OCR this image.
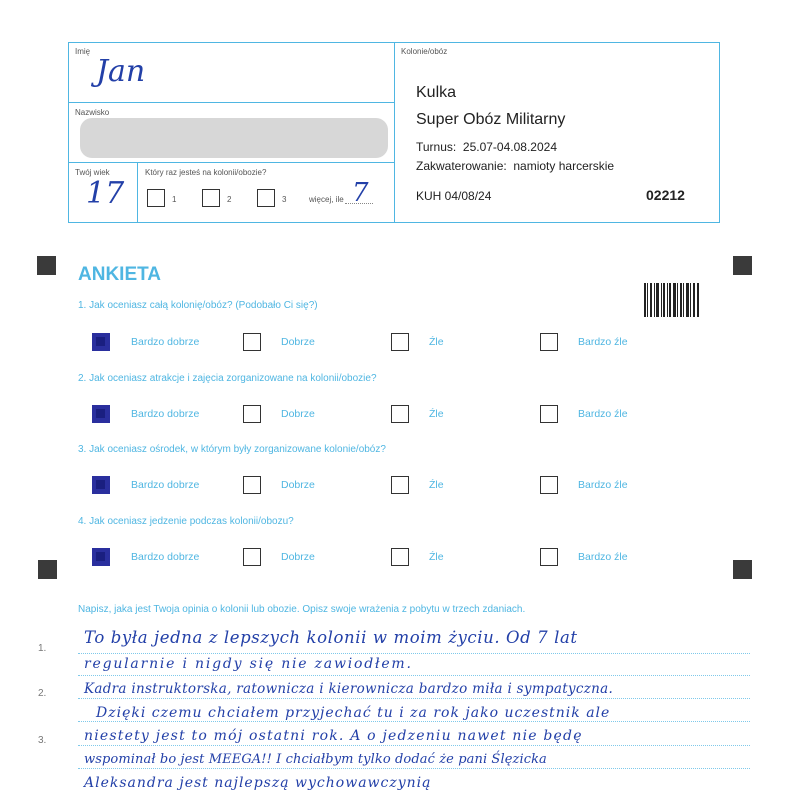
Imię
Jan
Nazwisko
Twój wiek
17
Który raz jesteś na kolonii/obozie?
1	2	3	więcej, ile 7
Kolonie/obóz
Kulka
Super Obóz Militarny
Turnus:  25.07-04.08.2024
Zakwaterowanie:  namioty harcerskie
KUH 04/08/24	02212
ANKIETA
1. Jak oceniasz całą kolonię/obóz? (Podobało Ci się?)
Bardzo dobrze	Dobrze	Źle	Bardzo źle
2. Jak oceniasz atrakcje i zajęcia zorganizowane na kolonii/obozie?
Bardzo dobrze	Dobrze	Źle	Bardzo źle
3. Jak oceniasz ośrodek, w którym były zorganizowane kolonie/obóz?
Bardzo dobrze	Dobrze	Źle	Bardzo źle
4. Jak oceniasz jedzenie podczas kolonii/obozu?
Bardzo dobrze	Dobrze	Źle	Bardzo źle
Napisz, jaka jest Twoja opinia o kolonii lub obozie. Opisz swoje wrażenia z pobytu w trzech zdaniach.
1.
2.
3.
To była jedna z lepszych kolonii w moim życiu. Od 7 lat
regularnie i nigdy się nie zawiodłem.
Kadra instruktorska, ratownicza i kierownicza bardzo miła i sympatyczna.
Dzięki czemu chciałem przyjechać tu i za rok jako uczestnik ale
niestety jest to mój ostatni rok. A o jedzeniu nawet nie będę
wspominał bo jest MEEGA!! I chciałbym tylko dodać że pani Ślęzicka
Aleksandra jest najlepszą wychowawczynią
